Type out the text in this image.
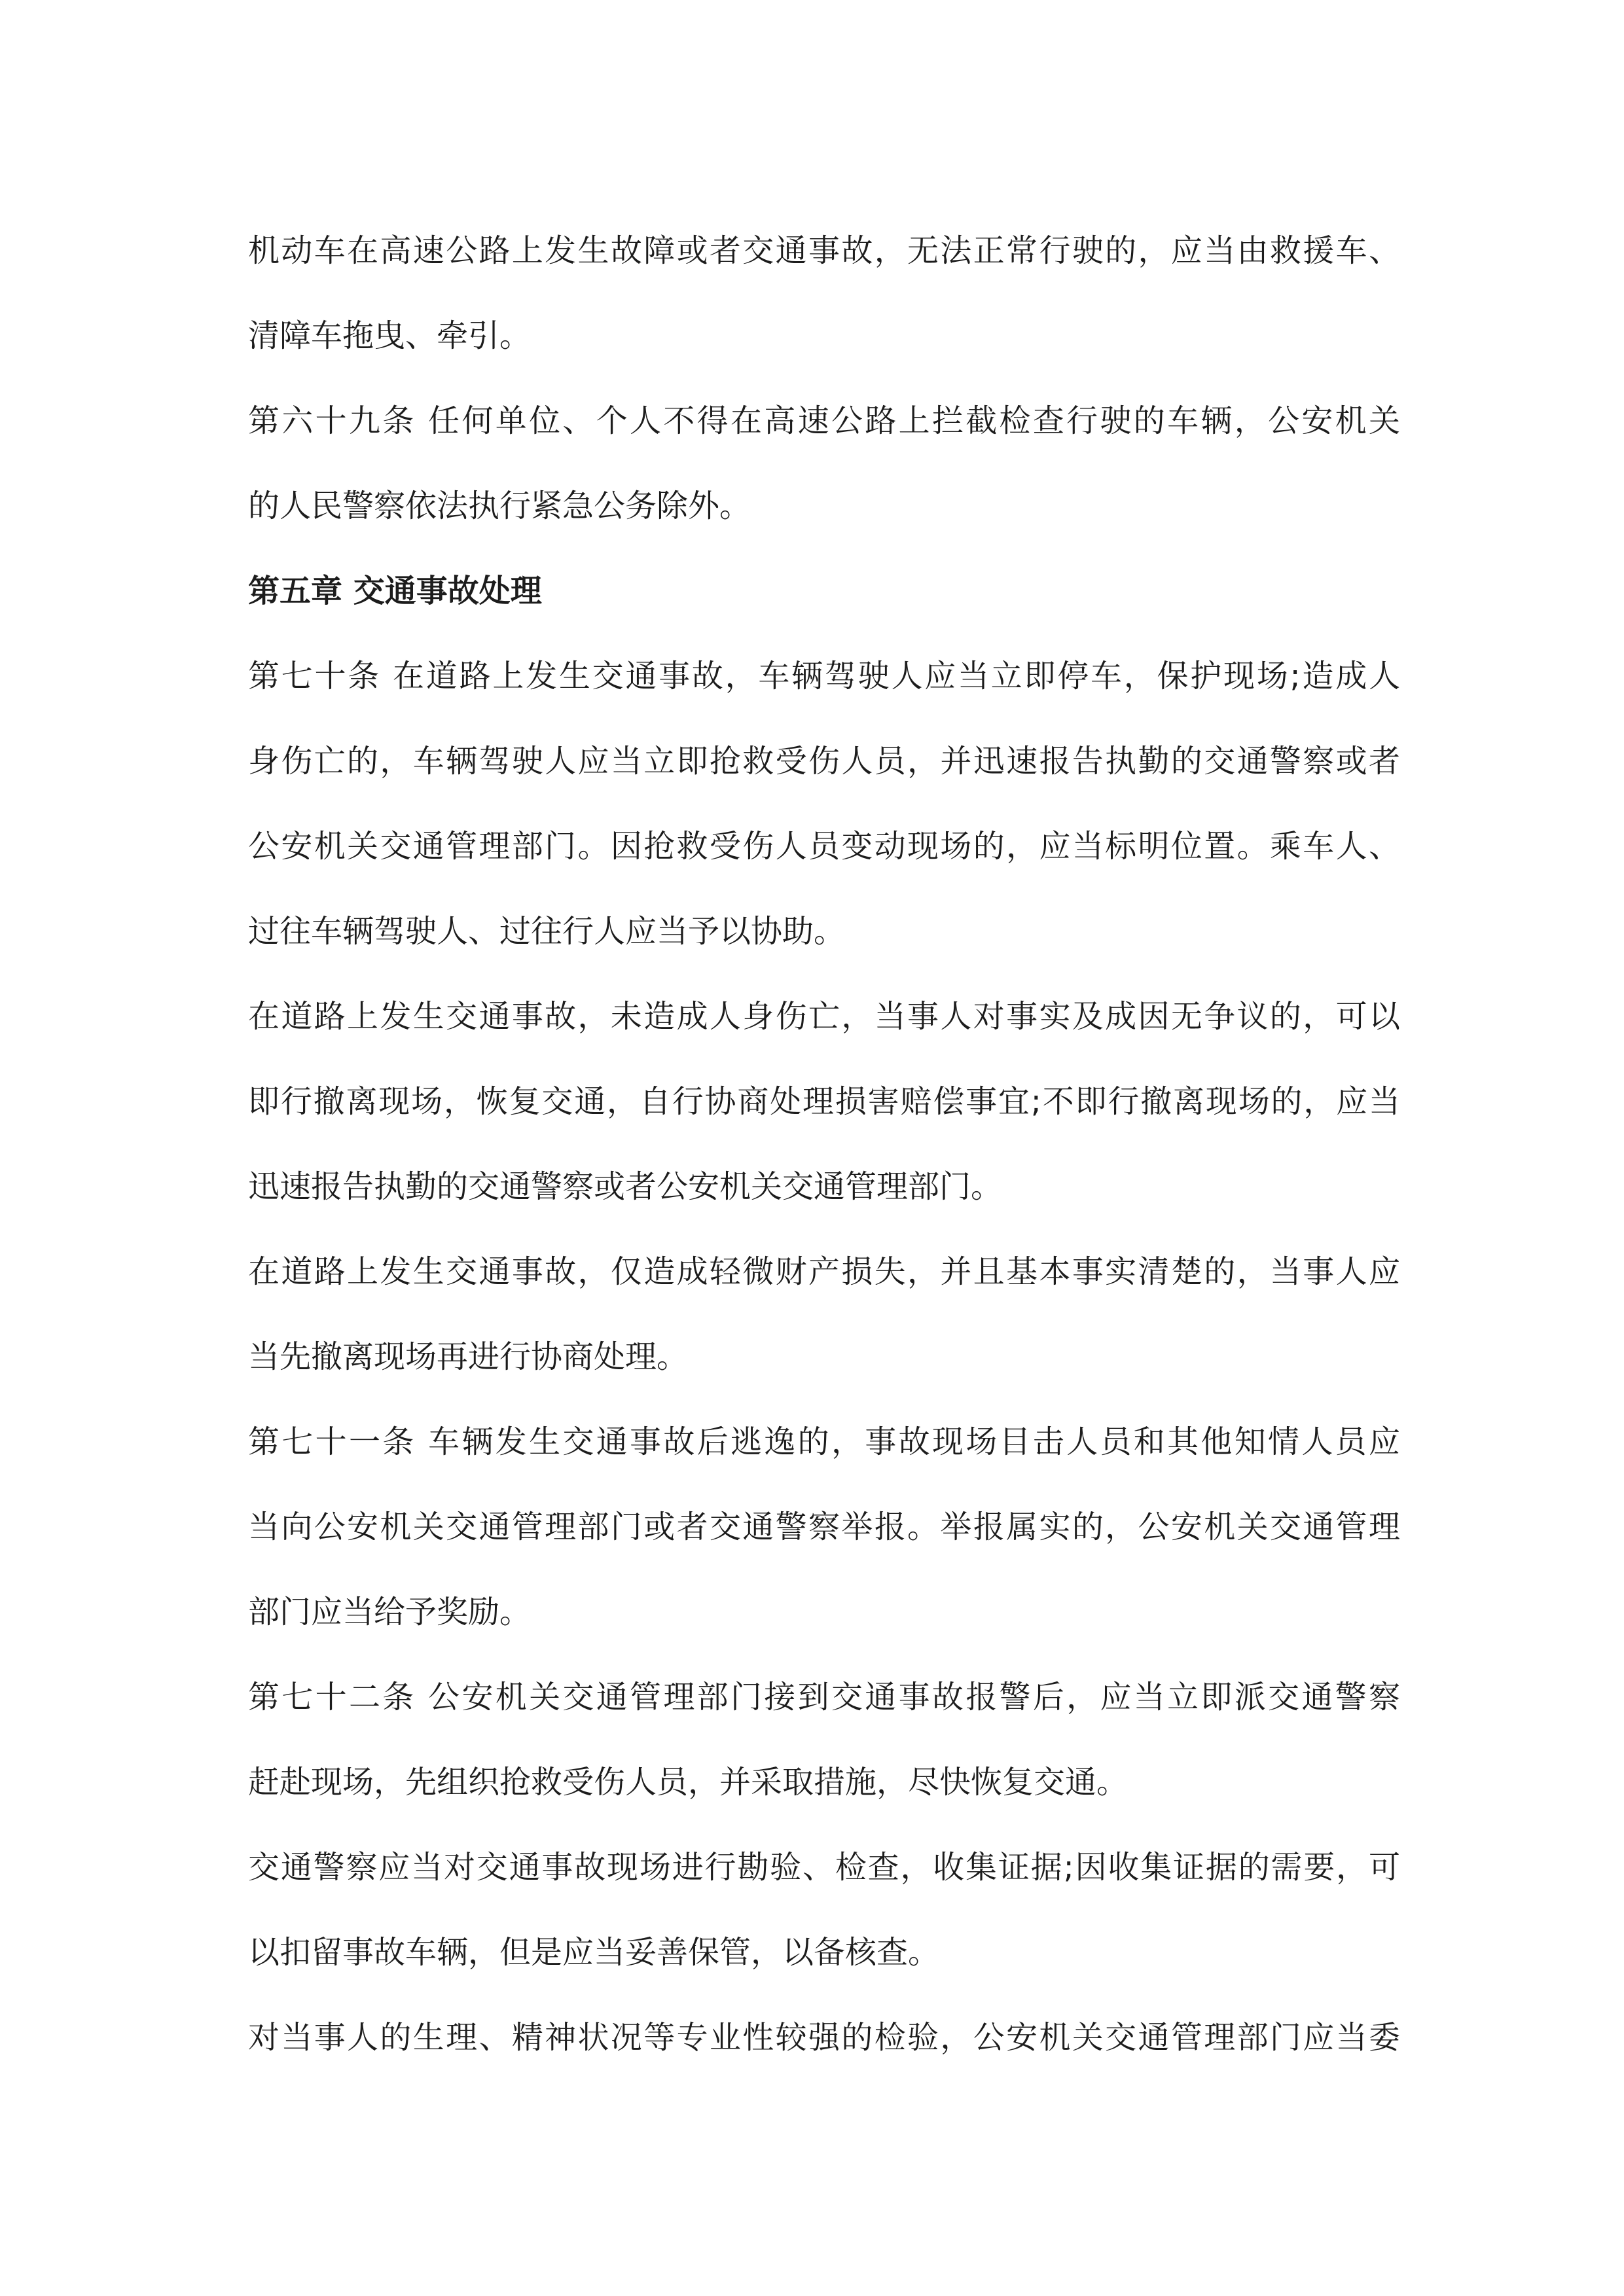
机动车在高速公路上发生故障或者交通事故，无法正常行驶的，应当由救援车、
清障车拖曳、牵引。

第六十九条 任何单位、个人不得在高速公路上拦截检查行驶的车辆，公安机关
的人民警察依法执行紧急公务除外。

第五章 交通事故处理

第七十条 在道路上发生交通事故，车辆驾驶人应当立即停车，保护现场;造成人
身伤亡的，车辆驾驶人应当立即抢救受伤人员，并迅速报告执勤的交通警察或者
公安机关交通管理部门。因抢救受伤人员变动现场的，应当标明位置。乘车人、
过往车辆驾驶人、过往行人应当予以协助。

在道路上发生交通事故，未造成人身伤亡，当事人对事实及成因无争议的，可以
即行撤离现场，恢复交通，自行协商处理损害赔偿事宜;不即行撤离现场的，应当
迅速报告执勤的交通警察或者公安机关交通管理部门。

在道路上发生交通事故，仅造成轻微财产损失，并且基本事实清楚的，当事人应
当先撤离现场再进行协商处理。

第七十一条 车辆发生交通事故后逃逸的，事故现场目击人员和其他知情人员应
当向公安机关交通管理部门或者交通警察举报。举报属实的，公安机关交通管理
部门应当给予奖励。

第七十二条 公安机关交通管理部门接到交通事故报警后，应当立即派交通警察
赶赴现场，先组织抢救受伤人员，并采取措施，尽快恢复交通。

交通警察应当对交通事故现场进行勘验、检查，收集证据;因收集证据的需要，可
以扣留事故车辆，但是应当妥善保管，以备核查。

对当事人的生理、精神状况等专业性较强的检验，公安机关交通管理部门应当委
